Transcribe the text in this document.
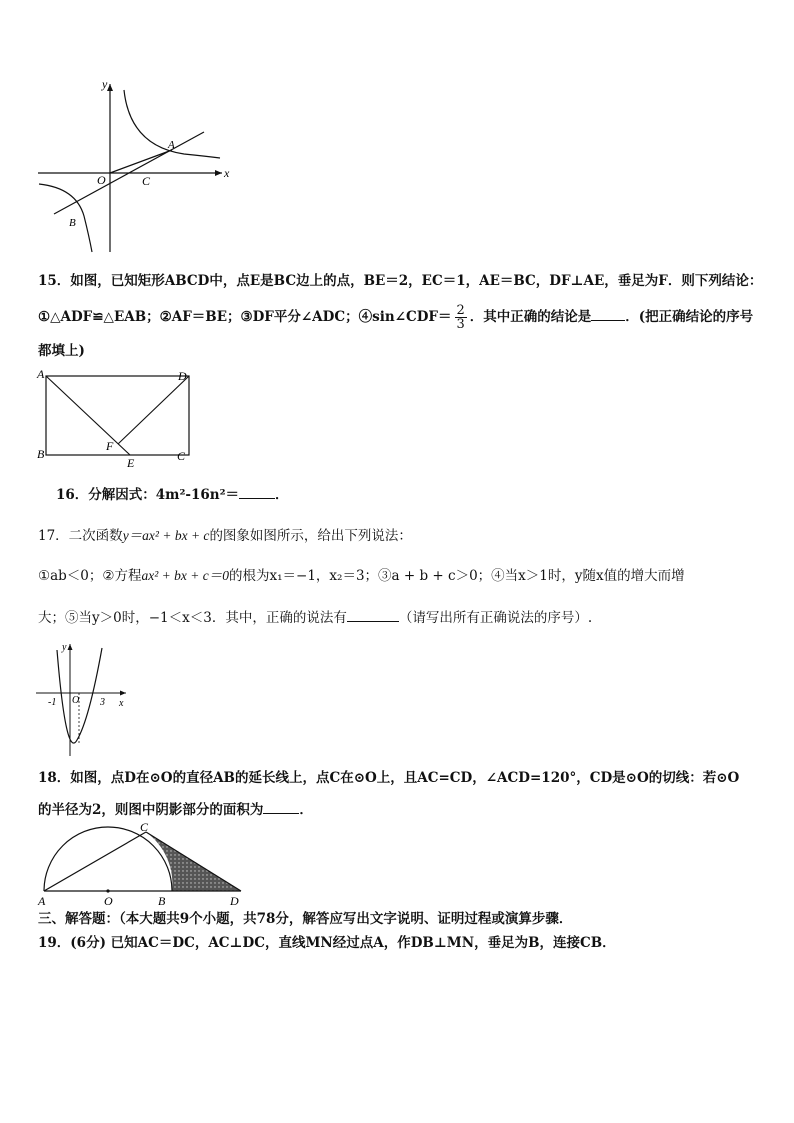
y
x
O
A
B
C
15．如图，已知矩形ABCD中，点E是BC边上的点，BE＝2，EC＝1，AE＝BC，DF⊥AE，垂足为F．则下列结论：
①△ADF≌△EAB；②AF＝BE；③DF平分∠ADC；④sin∠CDF＝ $\frac{2}{3}$ ．其中正确的结论是	．(把正确结论的序号
都填上)
A	D
B	C
E
F
16．分解因式：4m²-16n²＝	．
17．二次函数y＝ax² + bx + c的图象如图所示，给出下列说法：
①ab＜0；②方程ax² + bx + c＝0的根为x₁＝−1，x₂＝3；③a + b + c＞0；④当x＞1时，y随x值的增大而增
大；⑤当y＞0时，−1＜x＜3．其中，正确的说法有	（请写出所有正确说法的序号）.
y
x
O
-1	3
18．如图，点D在⊙O的直径AB的延长线上，点C在⊙O上，且AC=CD，∠ACD=120°，CD是⊙O的切线：若⊙O
的半径为2，则图中阴影部分的面积为	．
A	O	B	D
C
三、解答题：（本大题共9个小题，共78分，解答应写出文字说明、证明过程或演算步骤．
19．(6分) 已知AC＝DC，AC⊥DC，直线MN经过点A，作DB⊥MN，垂足为B，连接CB．
